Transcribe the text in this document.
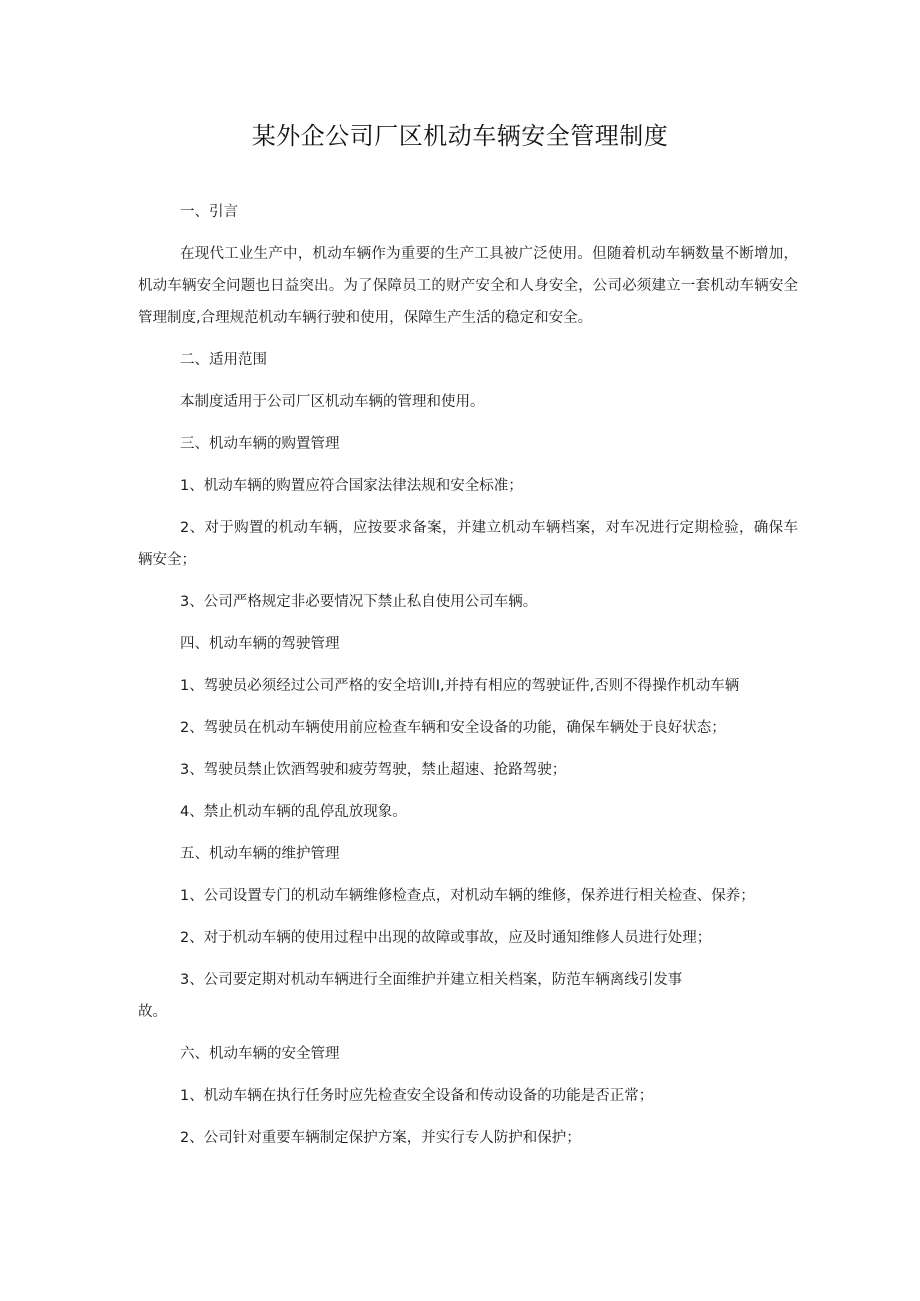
某外企公司厂区机动车辆安全管理制度

一、引言

在现代工业生产中，机动车辆作为重要的生产工具被广泛使用。但随着机动车辆数量不断增加，机动车辆安全问题也日益突出。为了保障员工的财产安全和人身安全，公司必须建立一套机动车辆安全管理制度,合理规范机动车辆行驶和使用，保障生产生活的稳定和安全。

二、适用范围

本制度适用于公司厂区机动车辆的管理和使用。

三、机动车辆的购置管理

1、机动车辆的购置应符合国家法律法规和安全标准；

2、对于购置的机动车辆，应按要求备案，并建立机动车辆档案，对车况进行定期检验，确保车辆安全；

3、公司严格规定非必要情况下禁止私自使用公司车辆。

四、机动车辆的驾驶管理

1、驾驶员必须经过公司严格的安全培训I,并持有相应的驾驶证件,否则不得操作机动车辆

2、驾驶员在机动车辆使用前应检查车辆和安全设备的功能，确保车辆处于良好状态；

3、驾驶员禁止饮酒驾驶和疲劳驾驶，禁止超速、抢路驾驶；

4、禁止机动车辆的乱停乱放现象。

五、机动车辆的维护管理

1、公司设置专门的机动车辆维修检查点，对机动车辆的维修，保养进行相关检查、保养；

2、对于机动车辆的使用过程中出现的故障或事故，应及时通知维修人员进行处理；

3、公司要定期对机动车辆进行全面维护并建立相关档案，防范车辆离线引发事

故。

六、机动车辆的安全管理

1、机动车辆在执行任务时应先检查安全设备和传动设备的功能是否正常；

2、公司针对重要车辆制定保护方案，并实行专人防护和保护；
